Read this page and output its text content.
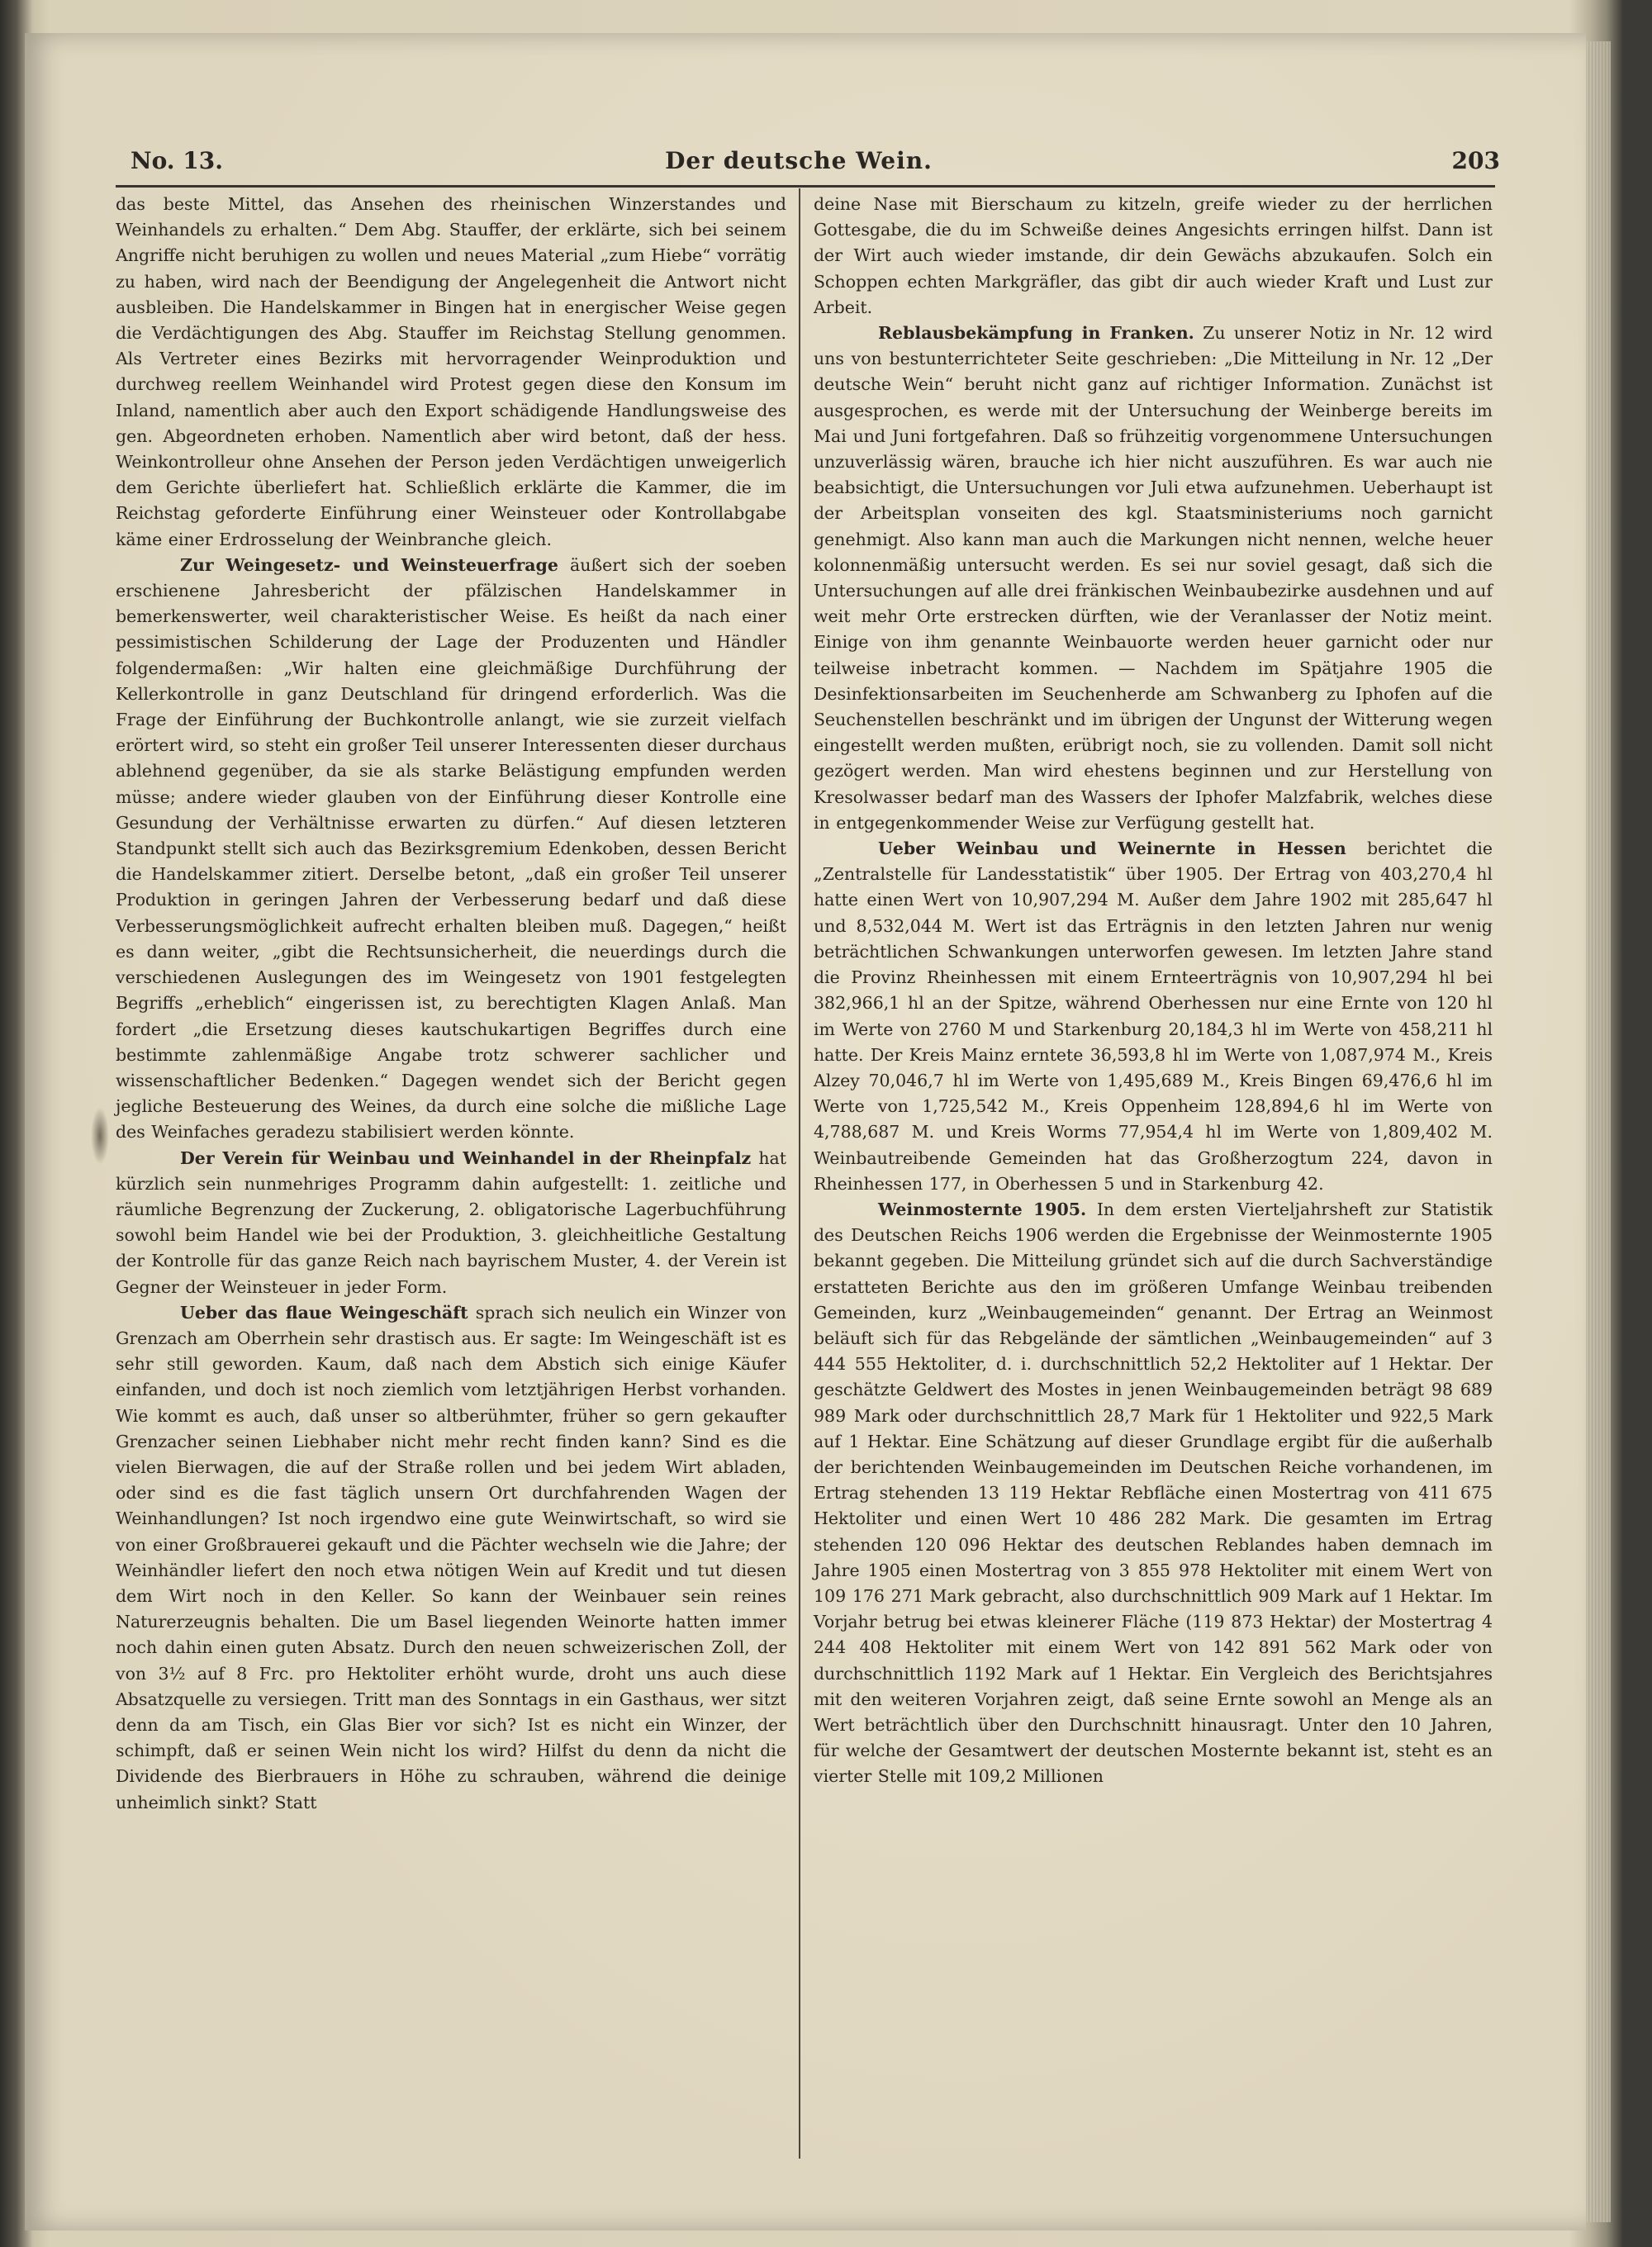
No. 13.	Der deutsche Wein.	203

das beste Mittel, das Ansehen des rheinischen Winzerstandes und Weinhandels zu erhalten.“ Dem Abg. Stauffer, der erklärte, sich bei seinem Angriffe nicht beruhigen zu wollen und neues Material „zum Hiebe“ vorrätig zu haben, wird nach der Beendigung der Angelegenheit die Antwort nicht ausbleiben. Die Handelskammer in Bingen hat in energischer Weise gegen die Verdächtigungen des Abg. Stauffer im Reichstag Stellung genommen. Als Vertreter eines Bezirks mit hervorragender Weinproduktion und durchweg reellem Weinhandel wird Protest gegen diese den Konsum im Inland, namentlich aber auch den Export schädigende Handlungsweise des gen. Abgeordneten erhoben. Namentlich aber wird betont, daß der hess. Weinkontrolleur ohne Ansehen der Person jeden Verdächtigen unweigerlich dem Gerichte überliefert hat. Schließlich erklärte die Kammer, die im Reichstag geforderte Einführung einer Weinsteuer oder Kontrollabgabe käme einer Erdrosselung der Weinbranche gleich.

Zur Weingesetz- und Weinsteuerfrage äußert sich der soeben erschienene Jahresbericht der pfälzischen Handelskammer in bemerkenswerter, weil charakteristischer Weise. Es heißt da nach einer pessimistischen Schilderung der Lage der Produzenten und Händler folgendermaßen: „Wir halten eine gleichmäßige Durchführung der Kellerkontrolle in ganz Deutschland für dringend erforderlich. Was die Frage der Einführung der Buchkontrolle anlangt, wie sie zurzeit vielfach erörtert wird, so steht ein großer Teil unserer Interessenten dieser durchaus ablehnend gegenüber, da sie als starke Belästigung empfunden werden müsse; andere wieder glauben von der Einführung dieser Kontrolle eine Gesundung der Verhältnisse erwarten zu dürfen.“ Auf diesen letzteren Standpunkt stellt sich auch das Bezirksgremium Edenkoben, dessen Bericht die Handelskammer zitiert. Derselbe betont, „daß ein großer Teil unserer Produktion in geringen Jahren der Verbesserung bedarf und daß diese Verbesserungsmöglichkeit aufrecht erhalten bleiben muß. Dagegen,“ heißt es dann weiter, „gibt die Rechtsunsicherheit, die neuerdings durch die verschiedenen Auslegungen des im Weingesetz von 1901 festgelegten Begriffs „erheblich“ eingerissen ist, zu berechtigten Klagen Anlaß. Man fordert „die Ersetzung dieses kautschukartigen Begriffes durch eine bestimmte zahlenmäßige Angabe trotz schwerer sachlicher und wissenschaftlicher Bedenken.“ Dagegen wendet sich der Bericht gegen jegliche Besteuerung des Weines, da durch eine solche die mißliche Lage des Weinfaches geradezu stabilisiert werden könnte.

Der Verein für Weinbau und Weinhandel in der Rheinpfalz hat kürzlich sein nunmehriges Programm dahin aufgestellt: 1. zeitliche und räumliche Begrenzung der Zuckerung, 2. obligatorische Lagerbuchführung sowohl beim Handel wie bei der Produktion, 3. gleichheitliche Gestaltung der Kontrolle für das ganze Reich nach bayrischem Muster, 4. der Verein ist Gegner der Weinsteuer in jeder Form.

Ueber das flaue Weingeschäft sprach sich neulich ein Winzer von Grenzach am Oberrhein sehr drastisch aus. Er sagte: Im Weingeschäft ist es sehr still geworden. Kaum, daß nach dem Abstich sich einige Käufer einfanden, und doch ist noch ziemlich vom letztjährigen Herbst vorhanden. Wie kommt es auch, daß unser so altberühmter, früher so gern gekaufter Grenzacher seinen Liebhaber nicht mehr recht finden kann? Sind es die vielen Bierwagen, die auf der Straße rollen und bei jedem Wirt abladen, oder sind es die fast täglich unsern Ort durchfahrenden Wagen der Weinhandlungen? Ist noch irgendwo eine gute Weinwirtschaft, so wird sie von einer Großbrauerei gekauft und die Pächter wechseln wie die Jahre; der Weinhändler liefert den noch etwa nötigen Wein auf Kredit und tut diesen dem Wirt noch in den Keller. So kann der Weinbauer sein reines Naturerzeugnis behalten. Die um Basel liegenden Weinorte hatten immer noch dahin einen guten Absatz. Durch den neuen schweizerischen Zoll, der von 3½ auf 8 Frc. pro Hektoliter erhöht wurde, droht uns auch diese Absatzquelle zu versiegen. Tritt man des Sonntags in ein Gasthaus, wer sitzt denn da am Tisch, ein Glas Bier vor sich? Ist es nicht ein Winzer, der schimpft, daß er seinen Wein nicht los wird? Hilfst du denn da nicht die Dividende des Bierbrauers in Höhe zu schrauben, während die deinige unheimlich sinkt? Statt

deine Nase mit Bierschaum zu kitzeln, greife wieder zu der herrlichen Gottesgabe, die du im Schweiße deines Angesichts erringen hilfst. Dann ist der Wirt auch wieder imstande, dir dein Gewächs abzukaufen. Solch ein Schoppen echten Markgräfler, das gibt dir auch wieder Kraft und Lust zur Arbeit.

Reblausbekämpfung in Franken. Zu unserer Notiz in Nr. 12 wird uns von bestunterrichteter Seite geschrieben: „Die Mitteilung in Nr. 12 „Der deutsche Wein“ beruht nicht ganz auf richtiger Information. Zunächst ist ausgesprochen, es werde mit der Untersuchung der Weinberge bereits im Mai und Juni fortgefahren. Daß so frühzeitig vorgenommene Untersuchungen unzuverlässig wären, brauche ich hier nicht auszuführen. Es war auch nie beabsichtigt, die Untersuchungen vor Juli etwa aufzunehmen. Ueberhaupt ist der Arbeitsplan vonseiten des kgl. Staatsministeriums noch garnicht genehmigt. Also kann man auch die Markungen nicht nennen, welche heuer kolonnenmäßig untersucht werden. Es sei nur soviel gesagt, daß sich die Untersuchungen auf alle drei fränkischen Weinbaubezirke ausdehnen und auf weit mehr Orte erstrecken dürften, wie der Veranlasser der Notiz meint. Einige von ihm genannte Weinbauorte werden heuer garnicht oder nur teilweise inbetracht kommen. — Nachdem im Spätjahre 1905 die Desinfektionsarbeiten im Seuchenherde am Schwanberg zu Iphofen auf die Seuchenstellen beschränkt und im übrigen der Ungunst der Witterung wegen eingestellt werden mußten, erübrigt noch, sie zu vollenden. Damit soll nicht gezögert werden. Man wird ehestens beginnen und zur Herstellung von Kresolwasser bedarf man des Wassers der Iphofer Malzfabrik, welches diese in entgegenkommender Weise zur Verfügung gestellt hat.

Ueber Weinbau und Weinernte in Hessen berichtet die „Zentralstelle für Landesstatistik“ über 1905. Der Ertrag von 403,270,4 hl hatte einen Wert von 10,907,294 M. Außer dem Jahre 1902 mit 285,647 hl und 8,532,044 M. Wert ist das Erträgnis in den letzten Jahren nur wenig beträchtlichen Schwankungen unterworfen gewesen. Im letzten Jahre stand die Provinz Rheinhessen mit einem Ernteerträgnis von 10,907,294 hl bei 382,966,1 hl an der Spitze, während Oberhessen nur eine Ernte von 120 hl im Werte von 2760 M und Starkenburg 20,184,3 hl im Werte von 458,211 hl hatte. Der Kreis Mainz erntete 36,593,8 hl im Werte von 1,087,974 M., Kreis Alzey 70,046,7 hl im Werte von 1,495,689 M., Kreis Bingen 69,476,6 hl im Werte von 1,725,542 M., Kreis Oppenheim 128,894,6 hl im Werte von 4,788,687 M. und Kreis Worms 77,954,4 hl im Werte von 1,809,402 M. Weinbautreibende Gemeinden hat das Großherzogtum 224, davon in Rheinhessen 177, in Oberhessen 5 und in Starkenburg 42.

Weinmosternte 1905. In dem ersten Vierteljahrsheft zur Statistik des Deutschen Reichs 1906 werden die Ergebnisse der Weinmosternte 1905 bekannt gegeben. Die Mitteilung gründet sich auf die durch Sachverständige erstatteten Berichte aus den im größeren Umfange Weinbau treibenden Gemeinden, kurz „Weinbaugemeinden“ genannt. Der Ertrag an Weinmost beläuft sich für das Rebgelände der sämtlichen „Weinbaugemeinden“ auf 3 444 555 Hektoliter, d. i. durchschnittlich 52,2 Hektoliter auf 1 Hektar. Der geschätzte Geldwert des Mostes in jenen Weinbaugemeinden beträgt 98 689 989 Mark oder durchschnittlich 28,7 Mark für 1 Hektoliter und 922,5 Mark auf 1 Hektar. Eine Schätzung auf dieser Grundlage ergibt für die außerhalb der berichtenden Weinbaugemeinden im Deutschen Reiche vorhandenen, im Ertrag stehenden 13 119 Hektar Rebfläche einen Mostertrag von 411 675 Hektoliter und einen Wert 10 486 282 Mark. Die gesamten im Ertrag stehenden 120 096 Hektar des deutschen Reblandes haben demnach im Jahre 1905 einen Mostertrag von 3 855 978 Hektoliter mit einem Wert von 109 176 271 Mark gebracht, also durchschnittlich 909 Mark auf 1 Hektar. Im Vorjahr betrug bei etwas kleinerer Fläche (119 873 Hektar) der Mostertrag 4 244 408 Hektoliter mit einem Wert von 142 891 562 Mark oder von durchschnittlich 1192 Mark auf 1 Hektar. Ein Vergleich des Berichtsjahres mit den weiteren Vorjahren zeigt, daß seine Ernte sowohl an Menge als an Wert beträchtlich über den Durchschnitt hinausragt. Unter den 10 Jahren, für welche der Gesamtwert der deutschen Mosternte bekannt ist, steht es an vierter Stelle mit 109,2 Millionen
